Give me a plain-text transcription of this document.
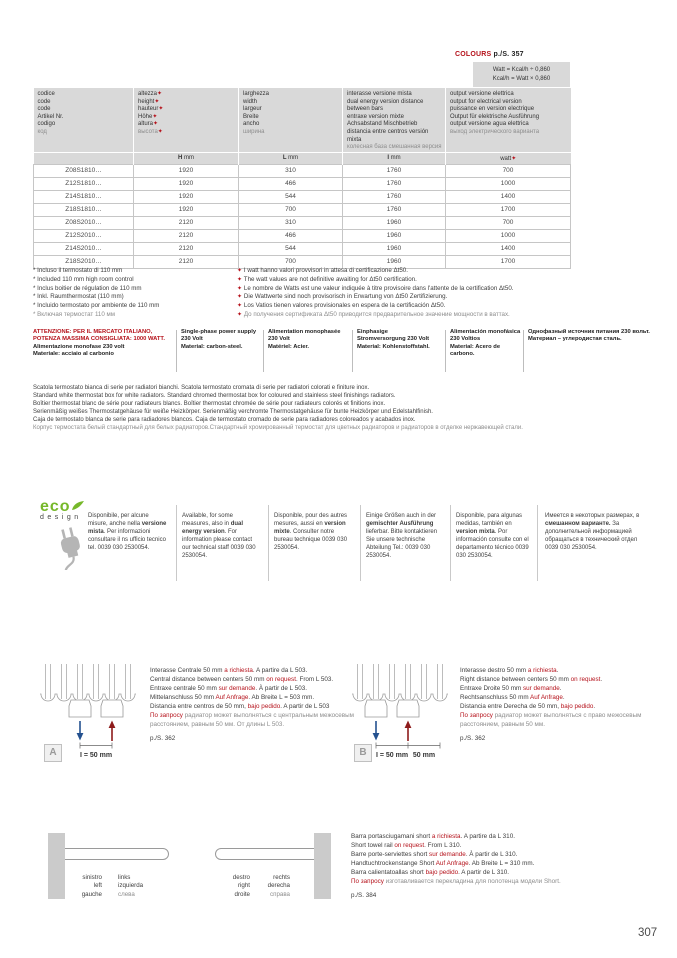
COLOURS p./S. 357
Watt = Kcal/h ÷ 0,860
Kcal/h = Watt × 0,860
codice
code
code
Artikel Nr.
codigo
код

altezza✦
height✦
hauteur✦
Höhe✦
altura✦
высота✦

larghezza
width
largeur
Breite
ancho
ширина

interasse versione mista
dual energy version distance between bars
entraxe version mixte
Achsabstand Mischbetrieb
distancia entre centros versión mixta
колесная база смешанная версия

output versione elettrica
output for electrical version
puissance en version electrique
Output für elektrische Ausführung
output versione agua elettrica
выход электрического варианта

	H mm	L mm	I mm	watt✦

Z08S1810…	1920	310	1760	700
Z12S1810…	1920	466	1760	1000
Z14S1810…	1920	544	1760	1400
Z18S1810…	1920	700	1760	1700
Z08S2010…	2120	310	1960	700
Z12S2010…	2120	466	1960	1000
Z14S2010…	2120	544	1960	1400
Z18S2010…	2120	700	1960	1700
* Incluso il termostato di 110 mm
* Included 110 mm high room control
* Inclus boitier de régulation de 110 mm
* Inkl. Raumthermostat (110 mm)
* Incluido termostato por ambiente de 110 mm
* Включая термостат 110 мм
✦ I watt hanno valori provvisori in attesa di certificazione Δt50.
✦ The watt values are not definitive awaiting for Δt50 certification.
✦ Le nombre de Watts est une valeur indiquée à titre provisoire dans l'attente de la certification Δt50.
✦ Die Wattwerte sind noch provisorisch in Erwartung von Δt50 Zertifizierung.
✦ Los Vatios tienen valores provisionales en espera de la certificación Δt50.
✦ До получения сертификата Δt50 приводится предварительное значение мощности в ваттах.
ATTENZIONE: PER IL MERCATO ITALIANO,
POTENZA MASSIMA CONSIGLIATA: 1000 WATT.
Alimentazione monofase 230 volt
Materiale: acciaio al carbonio
Single-phase power supply
230 Volt
Material: carbon-steel.
Alimentation monophasée
230 Volt
Matériel: Acier.
Einphasige
Stromversorgung 230 Volt
Material: Kohlenstoffstahl.
Alimentación monofásica
230 Voltios
Material: Acero de
carbono.
Однофазный источник питания 230 вольт.
Материал – углеродистая сталь.
Scatola termostato bianca di serie per radiatori bianchi. Scatola termostato cromata di serie per radiatori colorati e finiture inox.
Standard white thermostat box for white radiators. Standard chromed thermostat box for coloured and stainless steel finishings radiators.
Boîtier thermostat blanc de série pour radiateurs blancs. Boîtier thermostat chromée de série pour radiateurs colorés et finitions inox.
Serienmäßig weißes Thermostatgehäuse für weiße Heizkörper. Serienmäßig verchromte Thermostatgehäuse für bunte Heizkörper und Edelstahlfinish.
Caja de termostato blanca de serie para radiadores blancos. Caja de termostato cromado de serie para radiadores coloreados y acabados inox.
Корпус термостата белый стандартный для белых радиаторов.Стандартный хромированный термостат для цветных радиаторов и радиаторов в отделке нержавеющей стали.
eco
design	Disponibile, per alcune misure, anche nella versione mista. Per informazioni consultare il ns ufficio tecnico tel. 0039 030 2530054.
Available, for some measures, also in dual energy version. For information please contact our technical staff 0039 030 2530054.
Disponible, pour des autres mesures, aussi en version mixte. Consulter notre bureau technique 0039 030 2530054.
Einige Größen auch in der gemischter Ausführung lieferbar. Bitte kontaktieren Sie unsere technische Abteilung Tel.: 0039 030 2530054.
Disponible, para algunas medidas, también en version mixta. Por información consulte con el departamento técnico 0039 030 2530054.
Имеется в некоторых размерах, в смешанном варианте. За дополнительной информацией обращаться в технический отдел 0039 030 2530054.
I = 50 mm
A
Interasse Centrale 50 mm a richiesta. A partire da L 503.
Central distance between centers 50 mm on request. From L 503.
Entraxe centrale 50 mm sur demande. À partir de L 503.
Mittelanschluss 50 mm Auf Anfrage. Ab Breite L = 503 mm.
Distancia entre centros de 50 mm, bajo pedido. A partir de L 503
По запросу радиатор может выполняться с центральным межосевым расстоянием, равным 50 мм. От длины L 503.
p./S. 362
I = 50 mm 50 mm
B
Interasse destro 50 mm a richiesta.
Right distance between centers 50 mm on request.
Entraxe Droite 50 mm sur demande.
Rechtsanschluss 50 mm Auf Anfrage.
Distancia entre Derecha de 50 mm, bajo pedido.
По запросу радиатор может выполняться с право межосевым расстоянием, равным 50 мм.
p./S. 362
sinistro
left
gauche
links
izquierda
слева
destro
right
droite
rechts
derecha
справа
Barra portasciugamani short a richiesta. A partire da L 310.
Short towel rail on request. From L 310.
Barre porte-serviettes short sur demande. À partir de L 310.
Handtuchtrockenstange Short Auf Anfrage. Ab Breite L = 310 mm.
Barra calientatoallas short bajo pedido. A partir de L 310.
По запросу изготавливается перекладина для полотенца модели Short.
p./S. 384
307
